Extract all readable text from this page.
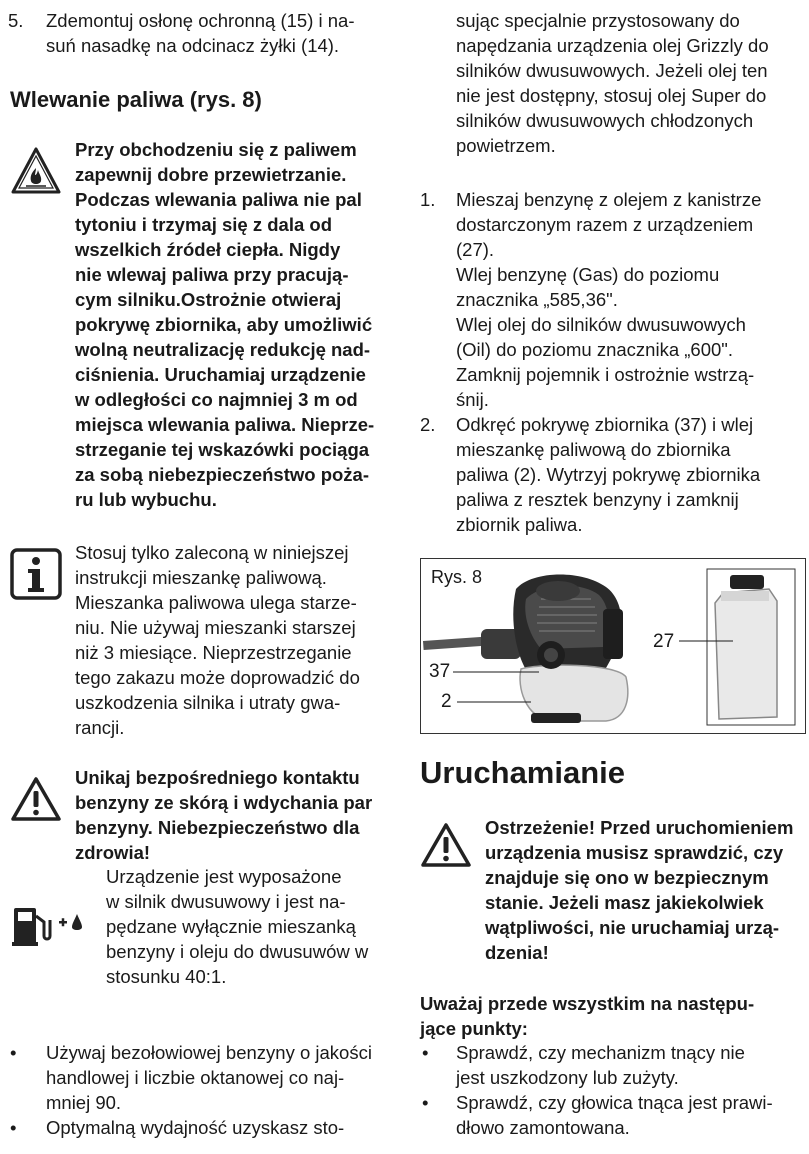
5. Zdemontuj osłonę ochronną (15) i na-
suń nasadkę na odcinacz żyłki (14).
Wlewanie paliwa (rys. 8)
Przy obchodzeniu się z paliwem
zapewnij dobre przewietrzanie.
Podczas wlewania paliwa nie pal
tytoniu i trzymaj się z dala od
wszelkich źródeł ciepła. Nigdy
nie wlewaj paliwa przy pracują-
cym silniku.Ostrożnie otwieraj
pokrywę zbiornika, aby umożliwić
wolną neutralizację redukcję nad-
ciśnienia. Uruchamiaj urządzenie
w odległości co najmniej 3 m od
miejsca wlewania paliwa. Nieprze-
strzeganie tej wskazówki pociąga
za sobą niebezpieczeństwo poża-
ru lub wybuchu.
Stosuj tylko zaleconą w niniejszej
instrukcji mieszankę paliwową.
Mieszanka paliwowa ulega starze-
niu. Nie używaj mieszanki starszej
niż 3 miesiące. Nieprzestrzeganie
tego zakazu może doprowadzić do
uszkodzenia silnika i utraty gwa-
rancji.
Unikaj bezpośredniego kontaktu
benzyny ze skórą i wdychania par
benzyny. Niebezpieczeństwo dla
zdrowia!
Urządzenie jest wyposażone
w silnik dwusuwowy i jest na-
pędzane wyłącznie mieszanką
benzyny i oleju do dwusuwów w
stosunku 40:1.
• Używaj bezołowiowej benzyny o jakości
handlowej i liczbie oktanowej co naj-
mniej 90.
• Optymalną wydajność uzyskasz sto-
sując specjalnie przystosowany do
napędzania urządzenia olej Grizzly do
silników dwusuwowych. Jeżeli olej ten
nie jest dostępny, stosuj olej Super do
silników dwusuwowych chłodzonych
powietrzem.
1. Mieszaj benzynę z olejem z kanistrze
dostarczonym razem z urządzeniem
(27).
Wlej benzynę (Gas) do poziomu
znacznika „585,36".
Wlej olej do silników dwusuwowych
(Oil) do poziomu znacznika „600".
Zamknij pojemnik i ostrożnie wstrzą-
śnij.
2. Odkręć pokrywę zbiornika (37) i wlej
mieszankę paliwową do zbiornika
paliwa (2). Wytrzyj pokrywę zbiornika
paliwa z resztek benzyny i zamknij
zbiornik paliwa.
Rys. 8
27
37
2
Uruchamianie
Ostrzeżenie! Przed uruchomieniem
urządzenia musisz sprawdzić, czy
znajduje się ono w bezpiecznym
stanie. Jeżeli masz jakiekolwiek
wątpliwości, nie uruchamiaj urzą-
dzenia!
Uważaj przede wszystkim na następu-
jące punkty:
• Sprawdź, czy mechanizm tnący nie
jest uszkodzony lub zużyty.
• Sprawdź, czy głowica tnąca jest prawi-
dłowo zamontowana.
